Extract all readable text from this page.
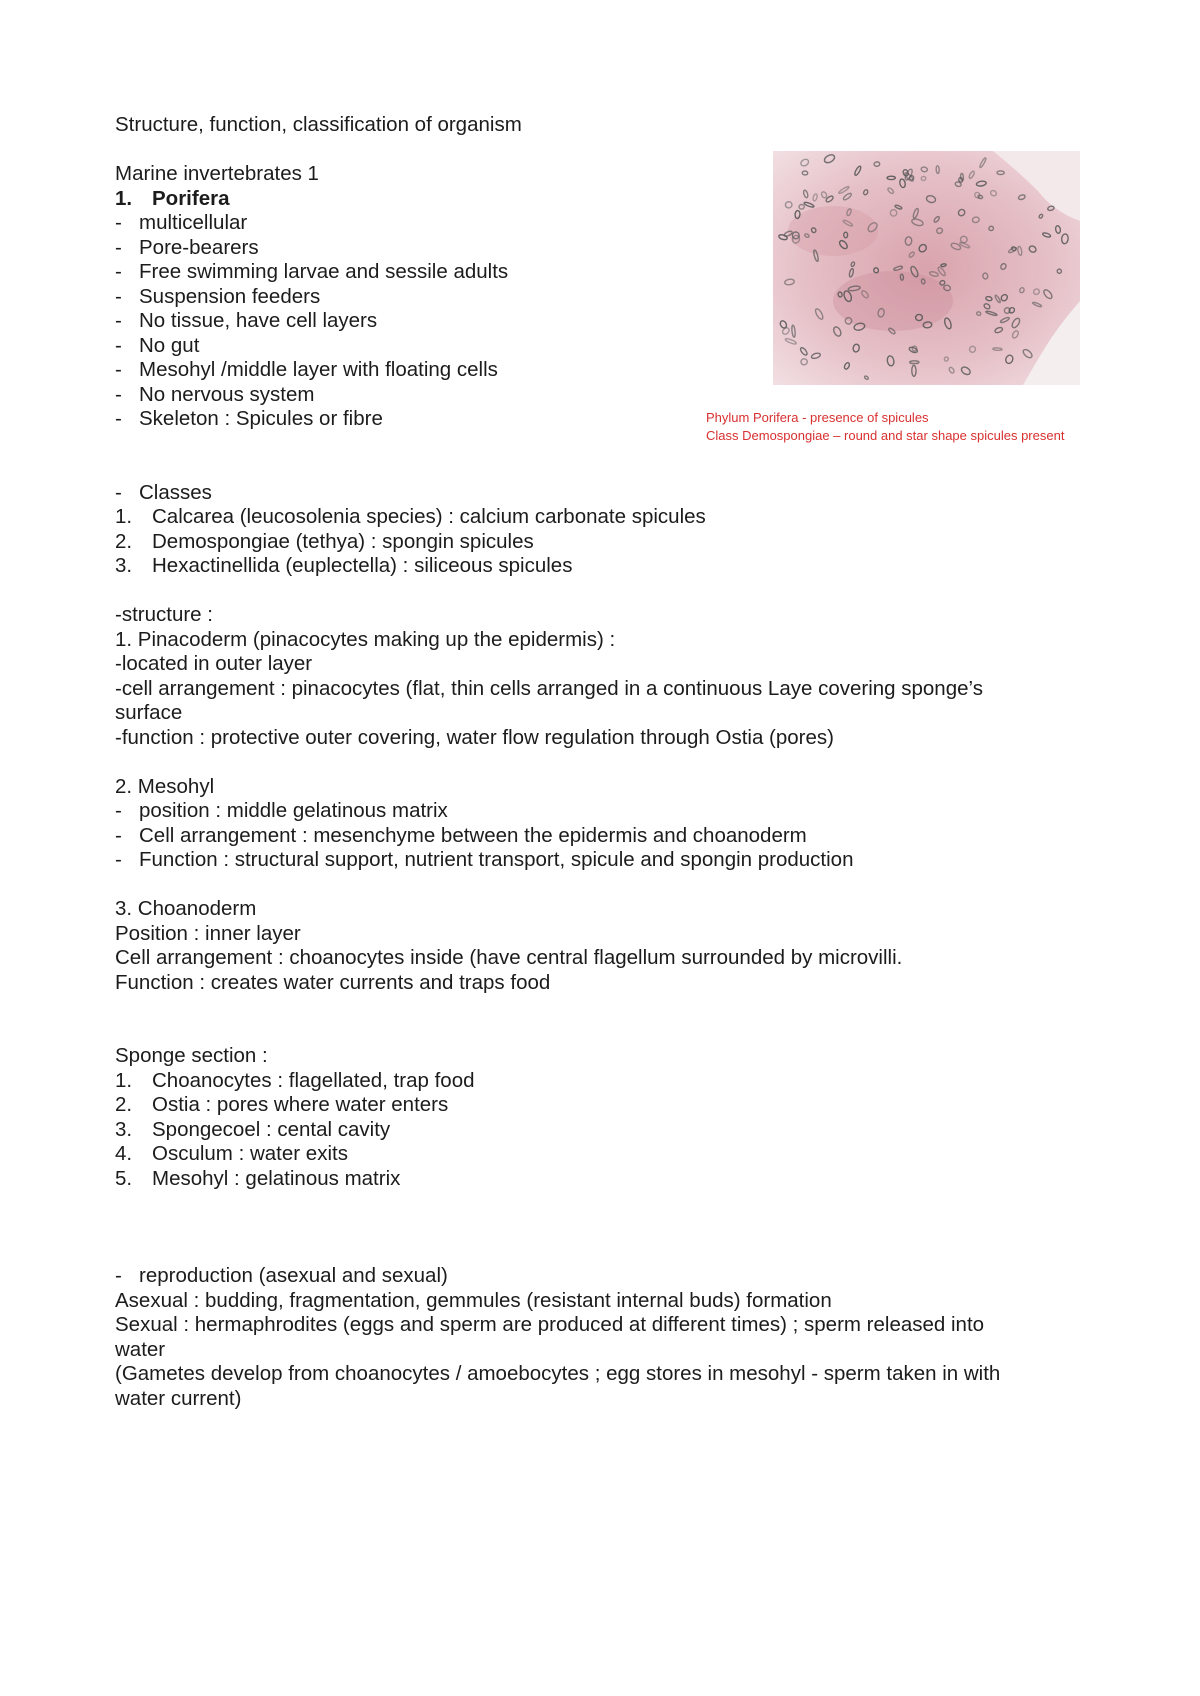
Structure, function, classification of organism
Marine invertebrates 1
1. Porifera
- multicellular
- Pore-bearers
- Free swimming larvae and sessile adults
- Suspension feeders
- No tissue, have cell layers
- No gut
- Mesohyl /middle layer with floating cells
- No nervous system
- Skeleton : Spicules or fibre
- Classes
1. Calcarea (leucosolenia species) : calcium carbonate spicules
2. Demospongiae (tethya) : spongin spicules
3. Hexactinellida (euplectella) : siliceous spicules
-structure :
1. Pinacoderm (pinacocytes making up the epidermis) :
-located in outer layer
-cell arrangement : pinacocytes (flat, thin cells arranged in a continuous Laye covering sponge’s
surface
-function : protective outer covering, water flow regulation through Ostia (pores)
2. Mesohyl
- position : middle gelatinous matrix
- Cell arrangement : mesenchyme between the epidermis and choanoderm
- Function : structural support, nutrient transport, spicule and spongin production
3. Choanoderm
Position : inner layer
Cell arrangement : choanocytes inside (have central flagellum surrounded by microvilli.
Function : creates water currents and traps food
Sponge section :
1. Choanocytes : flagellated, trap food
2. Ostia : pores where water enters
3. Spongecoel : cental cavity
4. Osculum : water exits
5. Mesohyl : gelatinous matrix
- reproduction (asexual and sexual)
Asexual : budding, fragmentation, gemmules (resistant internal buds) formation
Sexual : hermaphrodites (eggs and sperm are produced at different times) ; sperm released into
water
(Gametes develop from choanocytes / amoebocytes ; egg stores in mesohyl - sperm taken in with
water current)
Phylum Porifera - presence of spicules
Class Demospongiae – round and star shape spicules present
